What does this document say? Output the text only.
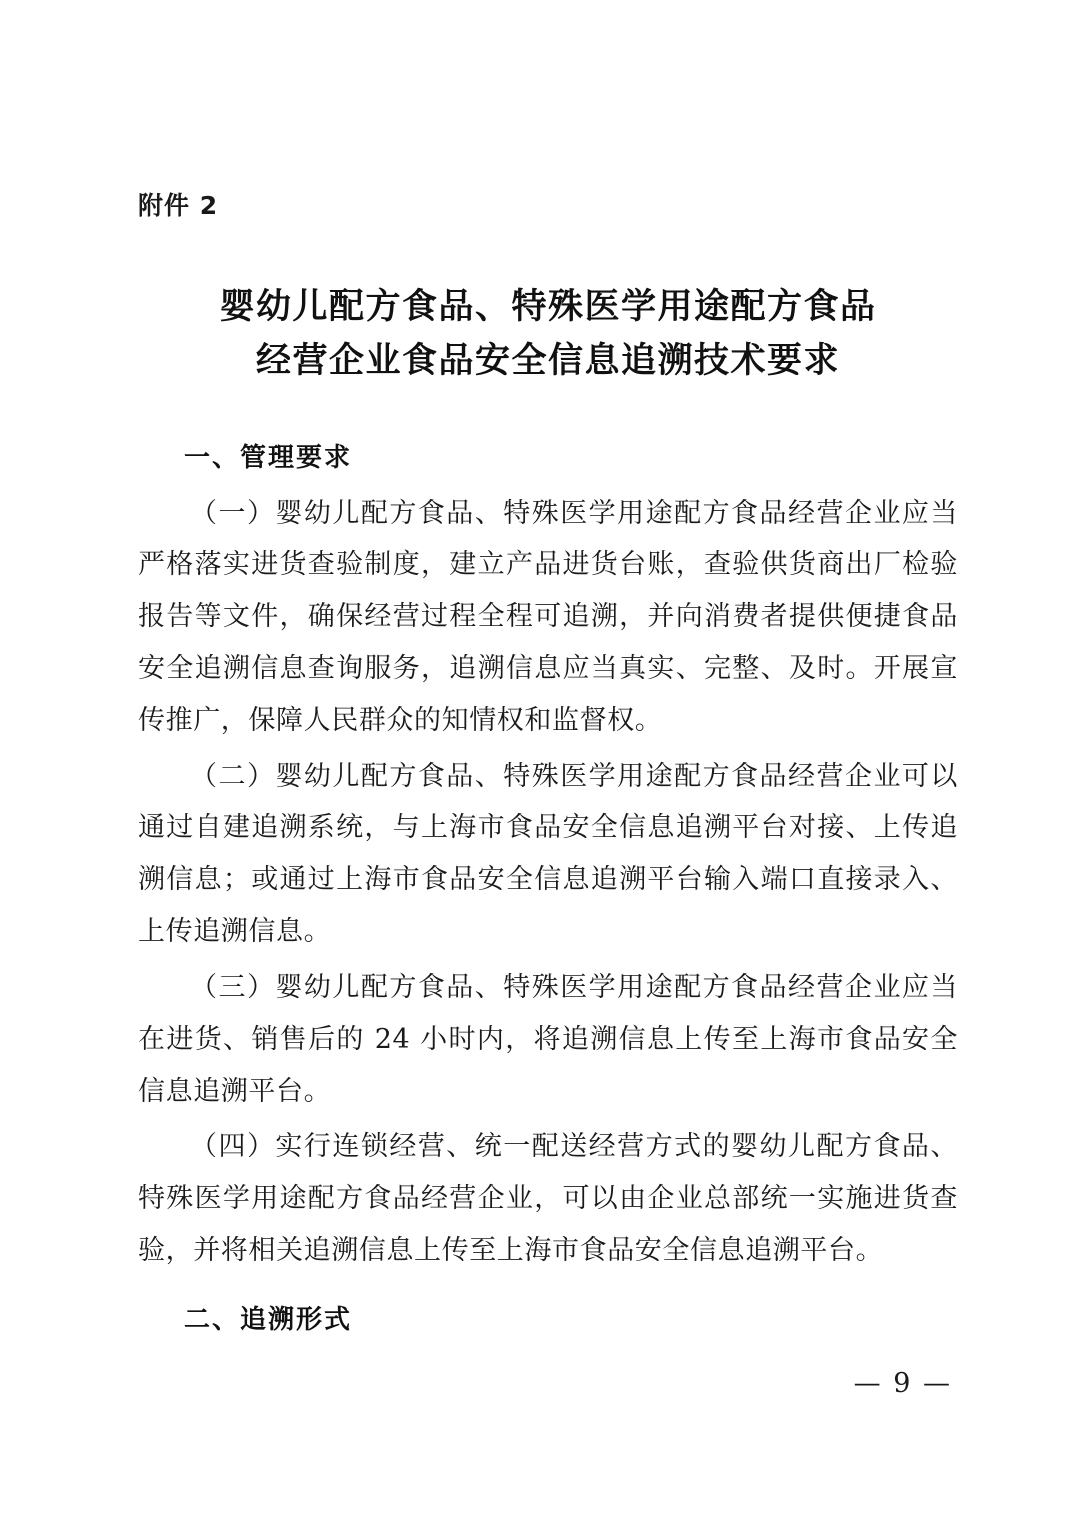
附件 2
婴幼儿配方食品、特殊医学用途配方食品
经营企业食品安全信息追溯技术要求
一、管理要求

（一）婴幼儿配方食品、特殊医学用途配方食品经营企业应当严格落实进货查验制度，建立产品进货台账，查验供货商出厂检验报告等文件，确保经营过程全程可追溯，并向消费者提供便捷食品安全追溯信息查询服务，追溯信息应当真实、完整、及时。开展宣传推广，保障人民群众的知情权和监督权。

（二）婴幼儿配方食品、特殊医学用途配方食品经营企业可以通过自建追溯系统，与上海市食品安全信息追溯平台对接、上传追溯信息；或通过上海市食品安全信息追溯平台输入端口直接录入、上传追溯信息。

（三）婴幼儿配方食品、特殊医学用途配方食品经营企业应当在进货、销售后的 24 小时内，将追溯信息上传至上海市食品安全信息追溯平台。

（四）实行连锁经营、统一配送经营方式的婴幼儿配方食品、特殊医学用途配方食品经营企业，可以由企业总部统一实施进货查验，并将相关追溯信息上传至上海市食品安全信息追溯平台。

二、追溯形式
— 9 —
